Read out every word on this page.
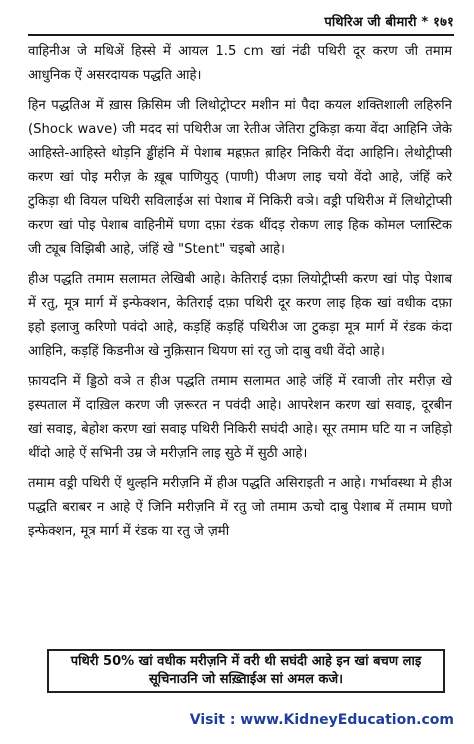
पथिरिअ जी बीमारी * १७१

वाहिनीअ जे मथिअें हिस्से में आयल 1.5 cm खां नंढी पथिरी दूर करण जी तमाम आधुनिक ऐं असरदायक पद्धति आहे।

हिन पद्धतिअ में ख़ास क़िसिम जी लिथोट्रोप्टर मशीन मां पैदा कयल शक्तिशाली लहिरुनि (Shock wave) जी मदद सां पथिरीअ जा रेतीअ जेतिरा टुकिड़ा कया वेंदा आहिनि जेके आहिस्ते-आहिस्ते थोड़नि ड्ढींहंनि में पेशाब मह्रफ़त ब़ाहिर निकिरी वेंदा आहिनि। लेथोट्रीप्सी करण खां पोइ मरीज़ के ख़ूब पाणियुठ् (पाणी) पीअण लाइ चयो वेंदो आहे, जंहिं करे टुकिड़ा थी वियल पथिरी सविलाईअ सां पेशाब में निकिरी वञे। वड्री पथिरीअ में लिथोट्रोप्सी करण खां पोइ पेशाब वाहिनीमें घणा दफ़ा रंडक थींदड़ रोकण लाइ हिक कोमल प्लास्टिक जी ट्यूब विझिबी आहे, जंहिं खे "Stent" चइबो आहे।

हीअ पद्धति तमाम सलामत लेखिबी आहे। केतिराई दफ़ा लियोट्रीप्सी करण खां पोइ पेशाब में रतु, मूत्र मार्ग में इन्फेक्शन, केतिराई दफ़ा पथिरी दूर करण लाइ हिक खां वधीक दफ़ा इहो इलाजु करिणो पवंदो आहे, कड़हिं कड़हिं पथिरीअ जा टुकड़ा मूत्र मार्ग में रंडक कंदा आहिनि, कड़हिं किडनीअ खे नुक़िसान थियण सां रतु जो दाबु वधी वेंदो आहे।

फ़ायदनि में ड्डिठो वञे त हीअ पद्धति तमाम सलामत आहे जंहिं में रवाजी तोर मरीज़ खे इस्पताल में दाख़िल करण जी ज़रूरत न पवंदी आहे। आपरेशन करण खां सवाइ, दूरबीन खां सवाइ, बेहोश करण खां सवाइ पथिरी निकिरी सघंदी आहे। सूर तमाम घटि या न जहिड़ो थींदो आहे ऐं सभिनी उम्र जे मरीज़नि लाइ सुठे में सुठी आहे।

तमाम वड्री पथिरी ऐं थुल्हनि मरीज़नि में हीअ पद्धति असिराइती न आहे। गर्भावस्था मे हीअ पद्धति बराबर न आहे ऐं जिनि मरीज़नि में रतु जो तमाम ऊचो दाबु पेशाब में तमाम घणो इन्फेक्शन, मूत्र मार्ग में रंडक या रतु जे ज़मी

पथिरी 50% खां वधीक मरीज़नि में वरी थी सघंदी आहे इन खां बचण लाइ सूचिनाउनि जो सख़्तिाईअ सां अमल कजे।
Visit : www.KidneyEducation.com
